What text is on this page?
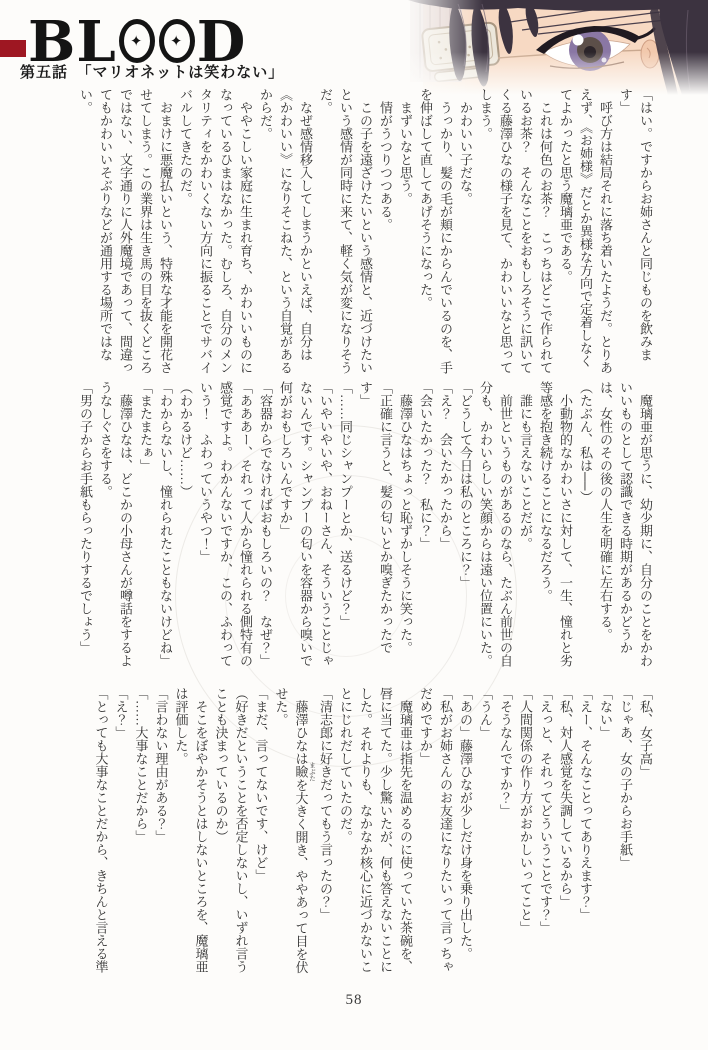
BL ✦	✦ D
第五話　「マリオネットは笑わない」

「はい。ですからお姉さんと同じものを飲みます」

　呼び方は結局それに落ち着いたようだ。とりあえず、《お姉様》だとか異様な方向で定着しなくてよかったと思う魔璃亜である。

　これは何色のお茶？　こっちはどこで作られているお茶？　そんなことをおもしろそうに訊いてくる藤澤ひなの様子を見て、かわいいなと思ってしまう。

　かわいい子だな。

　うっかり、髪の毛が頬にからんでいるのを、手を伸ばして直してあげそうになった。

　まずいなと思う。

　情がうつりつつある。

　この子を遠ざけたいという感情と、近づけたいという感情が同時に来て、軽く気が変になりそうだ。

　なぜ感情移入してしまうかといえば、自分は《かわいい》になりそこねた、という自覚があるからだ。

　ややこしい家庭に生まれ育ち、かわいいものになっているひまはなかった。むしろ、自分のメンタリティをかわいくない方向に振ることでサバイバルしてきたのだ。

　おまけに悪魔払いという、特殊な才能を開花させてしまう。この業界は生き馬の目を抜くどころではない、文字通りに人外魔境であって、間違ってもかわいいそぶりなどが通用する場所ではない。

　魔璃亜が思うに、幼少期に、自分のことをかわいいものとして認識できる時期があるかどうかは、女性のその後の人生を明確に左右する。

（たぶん、私は──）

　小動物的なかわいさに対して、一生、憧れと劣等感を抱き続けることになるだろう。

　誰にも言えないことだが。

　前世というものがあるのなら、たぶん前世の自分も、かわいらしい笑顔からは遠い位置にいた。

「どうして今日は私のところに？」

「え？　会いたかったから」

「会いたかった？　私に？」

　藤澤ひなはちょっと恥ずかしそうに笑った。「正確に言うと、髪の匂いとか嗅ぎたかったです」

「……同じシャンプーとか、送るけど？」

「いやいやいや、おねーさん、そういうことじゃないんです。シャンプーの匂いを容器から嗅いで何がおもしろいんですか」

「容器からでなければおもしろいの？　なぜ？」

「あああー、それって人から憧れられる側特有の感覚ですよ。わかんないですか、この、ふわっていう！　ふわっていうやつ！」

（わかるけど……）

「わからないし、憧れられたこともないけどね」

「またまたぁ」

　藤澤ひなは、どこかの小母さんが噂話をするようなしぐさをする。

「男の子からお手紙もらったりするでしょう」

「私、女子高」

「じゃあ、女の子からお手紙」

「ない」

「えー、そんなことってありえます？」

「私、対人感覚を失調しているから」

「えっと、それってどういうことです？」

「人間関係の作り方がおかしいってこと」

「そうなんですか？」

「うん」

「あの」藤澤ひなが少しだけ身を乗り出した。「私がお姉さんのお友達になりたいって言っちゃだめですか」

　魔璃亜は指先を温めるのに使っていた茶碗を、唇に当てた。少し驚いたが、何も答えないことにした。それよりも、なかなか核心に近づかないことにじれだしていたのだ。

「清志郎に好きだってもう言ったの？」

　藤澤ひなは瞼 まぶたを大きく開き、ややあって目を伏せた。

「まだ、言ってないです、けど」

（好きだということを否定しないし、いずれ言うことも決まっているのか）

　そこをぼやかそうとはしないところを、魔璃亜は評価した。

「言わない理由がある？」

「……大事なことだから」

「え？」

「とっても大事なことだから、きちんと言える準

58
